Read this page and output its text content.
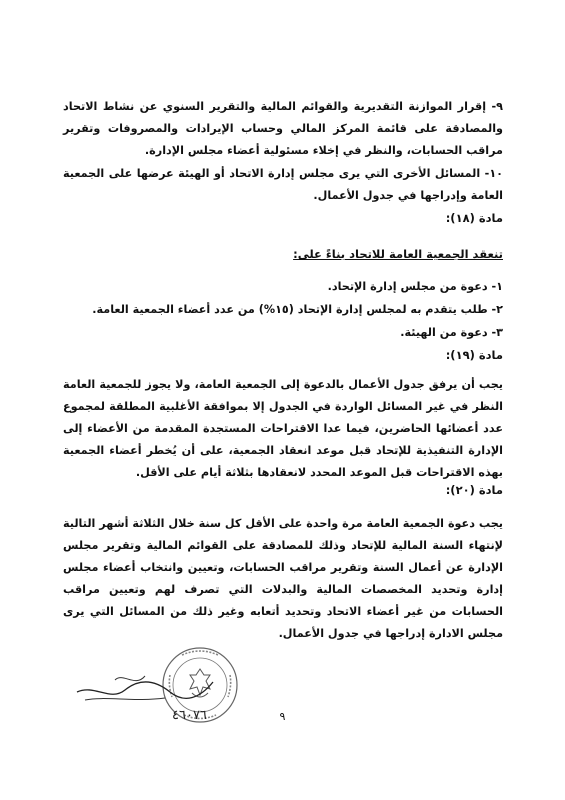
٩- إقرار الموازنة التقديرية والقوائم المالية والتقرير السنوي عن نشاط الاتحاد والمصادقة على قائمة المركز المالي وحساب الإيرادات والمصروفات وتقرير مراقب الحسابات، والنظر في إخلاء مسئولية أعضاء مجلس الإدارة.

١٠- المسائل الأخرى التي يرى مجلس إدارة الاتحاد أو الهيئة عرضها على الجمعية العامة وإدراجها في جدول الأعمال.

مادة (١٨):
تنعقد الجمعية العامة للاتحاد بناءً على:
١- دعوة من مجلس إدارة الإتحاد.
٢- طلب يتقدم به لمجلس إدارة الإتحاد (١٥%) من عدد أعضاء الجمعية العامة.
٣- دعوة من الهيئة.
مادة (١٩):

يجب أن يرفق جدول الأعمال بالدعوة إلى الجمعية العامة، ولا يجوز للجمعية العامة النظر في غير المسائل الواردة في الجدول إلا بموافقة الأغلبية المطلقة لمجموع عدد أعضائها الحاضرين، فيما عدا الاقتراحات المستجدة المقدمة من الأعضاء إلى الإدارة التنفيذية للإتحاد قبل موعد انعقاد الجمعية، على أن يُخطر أعضاء الجمعية بهذه الاقتراحات قبل الموعد المحدد لانعقادها بثلاثة أيام على الأقل.

مادة (٢٠):

يجب دعوة الجمعية العامة مرة واحدة على الأقل كل سنة خلال الثلاثة أشهر التالية لإنتهاء السنة المالية للإتحاد وذلك للمصادقة على القوائم المالية وتقرير مجلس الإدارة عن أعمال السنة وتقرير مراقب الحسابات، وتعيين وانتخاب أعضاء مجلس إدارة وتحديد المخصصات المالية والبدلات التي تصرف لهم وتعيين مراقب الحسابات من غير أعضاء الاتحاد وتحديد أتعابه وغير ذلك من المسائل التي يرى مجلس الادارة إدراجها في جدول الأعمال.

٤٦٠٧٦	٩
